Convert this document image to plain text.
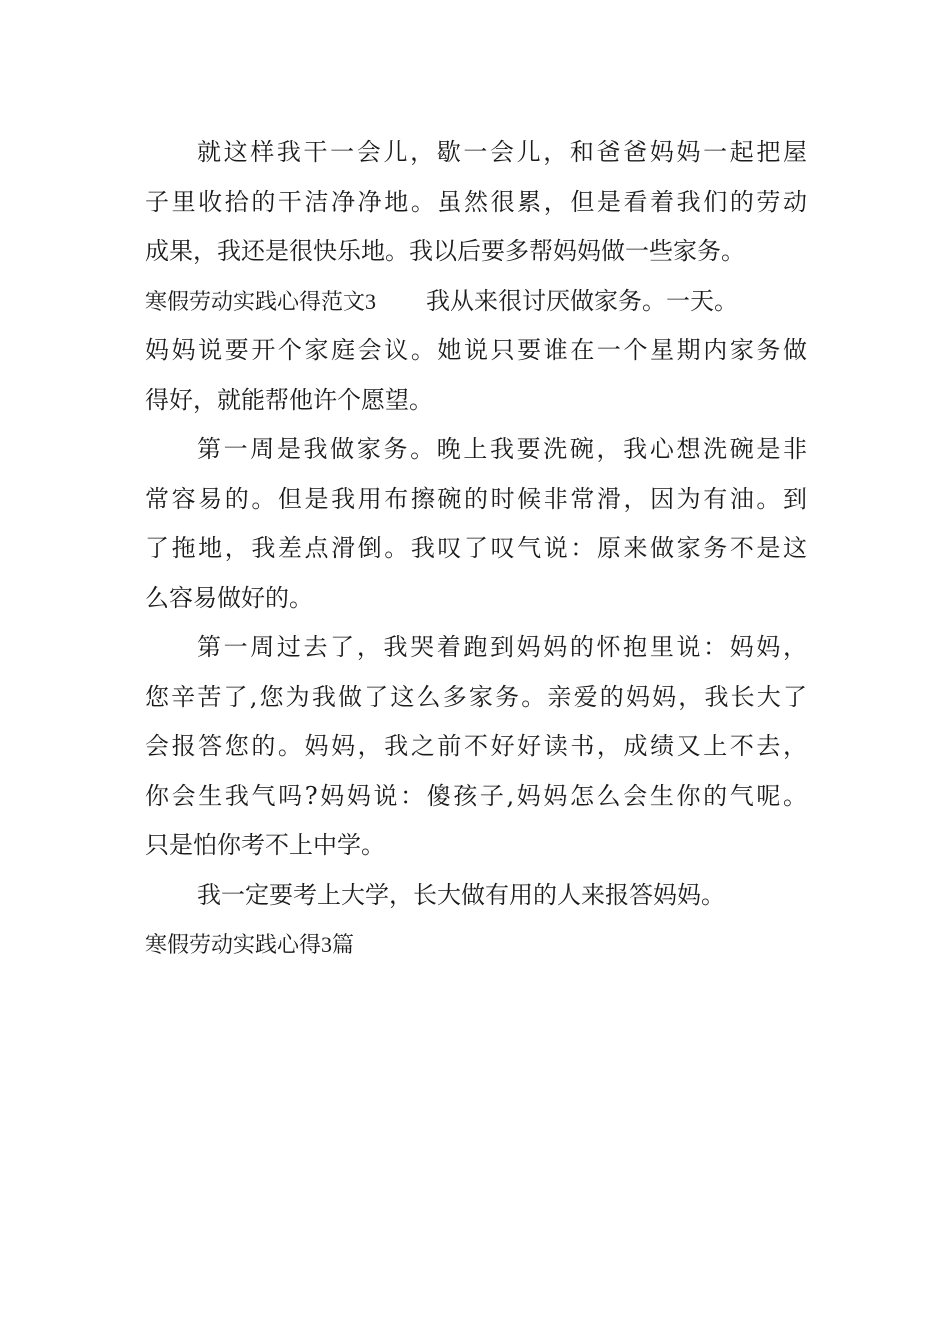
就这样我干一会儿，歇一会儿，和爸爸妈妈一起把屋
子里收拾的干洁净净地。虽然很累，但是看着我们的劳动
成果，我还是很快乐地。我以后要多帮妈妈做一些家务。
寒假劳动实践心得范文3 我从来很讨厌做家务。一天。
妈妈说要开个家庭会议。她说只要谁在一个星期内家务做
得好，就能帮他许个愿望。
第一周是我做家务。晚上我要洗碗，我心想洗碗是非
常容易的。但是我用布擦碗的时候非常滑，因为有油。到
了拖地，我差点滑倒。我叹了叹气说：原来做家务不是这
么容易做好的。
第一周过去了，我哭着跑到妈妈的怀抱里说：妈妈，
您辛苦了,您为我做了这么多家务。亲爱的妈妈，我长大了
会报答您的。妈妈，我之前不好好读书，成绩又上不去，
你会生我气吗?妈妈说：傻孩子,妈妈怎么会生你的气呢。
只是怕你考不上中学。
我一定要考上大学，长大做有用的人来报答妈妈。
寒假劳动实践心得3篇
